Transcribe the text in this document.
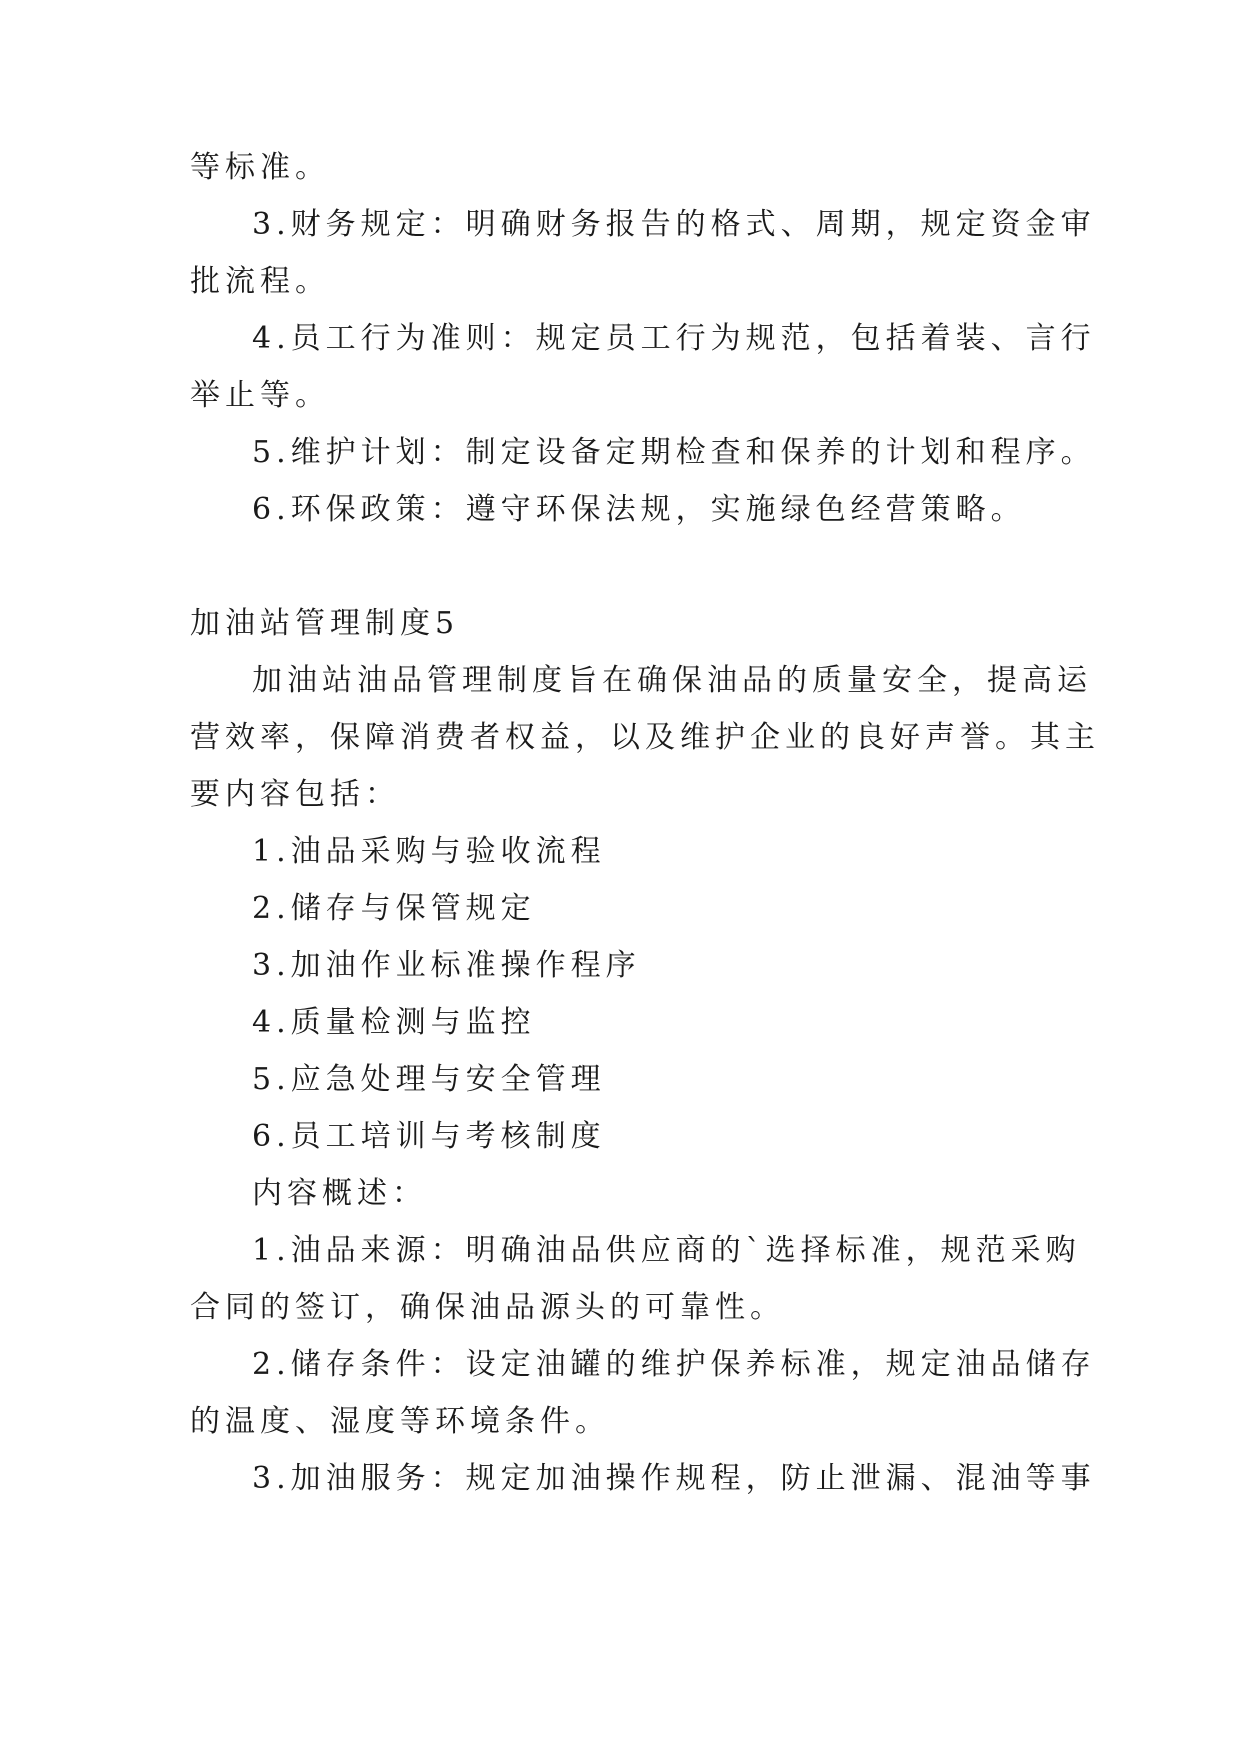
等标准。
3.财务规定：明确财务报告的格式、周期，规定资金审
批流程。
4.员工行为准则：规定员工行为规范，包括着装、言行
举止等。
5.维护计划：制定设备定期检查和保养的计划和程序。
6.环保政策：遵守环保法规，实施绿色经营策略。
加油站管理制度5
加油站油品管理制度旨在确保油品的质量安全，提高运
营效率，保障消费者权益，以及维护企业的良好声誉。其主
要内容包括：
1.油品采购与验收流程
2.储存与保管规定
3.加油作业标准操作程序
4.质量检测与监控
5.应急处理与安全管理
6.员工培训与考核制度
内容概述：
1.油品来源：明确油品供应商的`选择标准，规范采购
合同的签订，确保油品源头的可靠性。
2.储存条件：设定油罐的维护保养标准，规定油品储存
的温度、湿度等环境条件。
3.加油服务：规定加油操作规程，防止泄漏、混油等事
